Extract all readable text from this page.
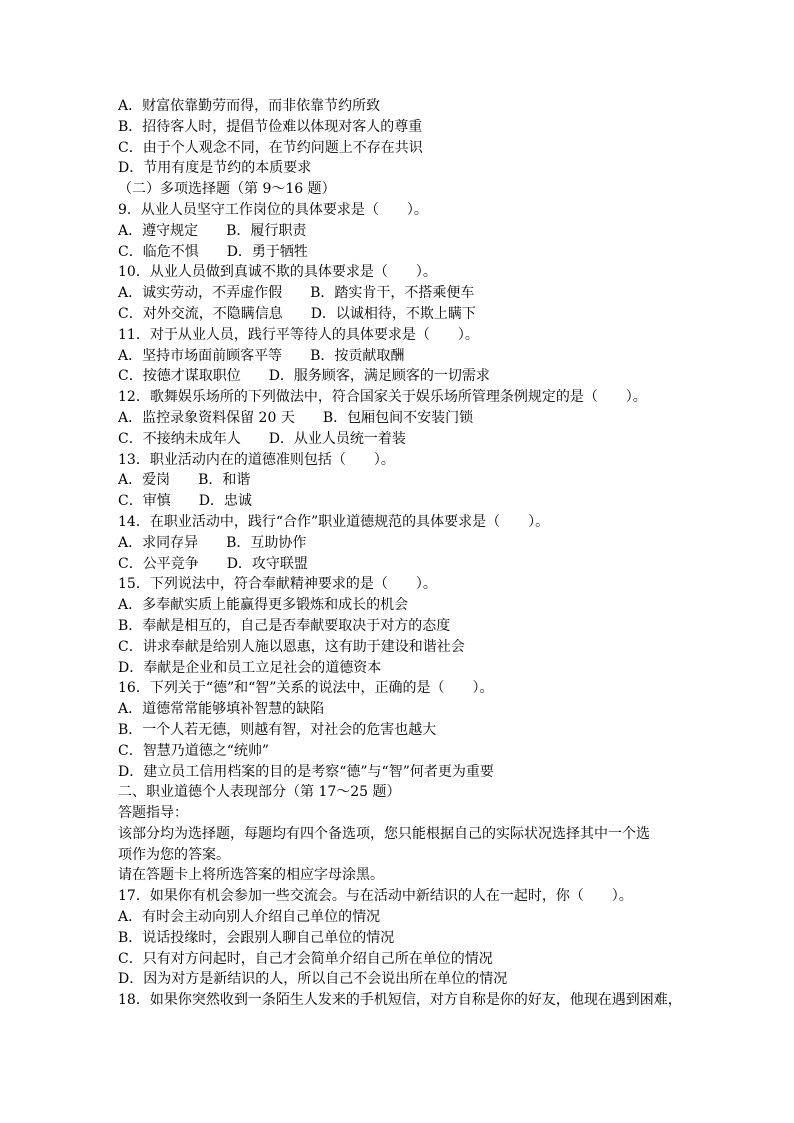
A．财富依靠勤劳而得，而非依靠节约所致
B．招待客人时，提倡节俭难以体现对客人的尊重
C．由于个人观念不同，在节约问题上不存在共识
D．节用有度是节约的本质要求
（二）多项选择题（第 9～16 题）
9．从业人员坚守工作岗位的具体要求是（　　）。
A．遵守规定　　B．履行职责
C．临危不惧　　D．勇于牺牲
10．从业人员做到真诚不欺的具体要求是（　　）。
A．诚实劳动，不弄虚作假　　B．踏实肯干，不搭乘便车
C．对外交流，不隐瞒信息　　D．以诚相待，不欺上瞒下
11．对于从业人员，践行平等待人的具体要求是（　　）。
A．坚持市场面前顾客平等　　B．按贡献取酬
C．按德才谋取职位　　D．服务顾客，满足顾客的一切需求
12．歌舞娱乐场所的下列做法中，符合国家关于娱乐场所管理条例规定的是（　　）。
A．监控录象资料保留 20 天　　B．包厢包间不安装门锁
C．不接纳未成年人　　D．从业人员统一着装
13．职业活动内在的道德准则包括（　　）。
A．爱岗　　B．和谐
C．审慎　　D．忠诚
14．在职业活动中，践行“合作”职业道德规范的具体要求是（　　）。
A．求同存异　　B．互助协作
C．公平竞争　　D．攻守联盟
15．下列说法中，符合奉献精神要求的是（　　）。
A．多奉献实质上能赢得更多锻炼和成长的机会
B．奉献是相互的，自己是否奉献要取决于对方的态度
C．讲求奉献是给别人施以恩惠，这有助于建设和谐社会
D．奉献是企业和员工立足社会的道德资本
16．下列关于“德”和“智”关系的说法中，正确的是（　　）。
A．道德常常能够填补智慧的缺陷
B．一个人若无德，则越有智，对社会的危害也越大
C．智慧乃道德之“统帅”
D．建立员工信用档案的目的是考察“德”与“智”何者更为重要
二、职业道德个人表现部分（第 17～25 题）
答题指导：
该部分均为选择题，每题均有四个备选项，您只能根据自己的实际状况选择其中一个选
项作为您的答案。
请在答题卡上将所选答案的相应字母涂黑。
17．如果你有机会参加一些交流会。与在活动中新结识的人在一起时，你（　　）。
A．有时会主动向别人介绍自己单位的情况
B．说话投缘时，会跟别人聊自己单位的情况
C．只有对方问起时，自己才会简单介绍自己所在单位的情况
D．因为对方是新结识的人，所以自己不会说出所在单位的情况
18．如果你突然收到一条陌生人发来的手机短信，对方自称是你的好友，他现在遇到困难，
